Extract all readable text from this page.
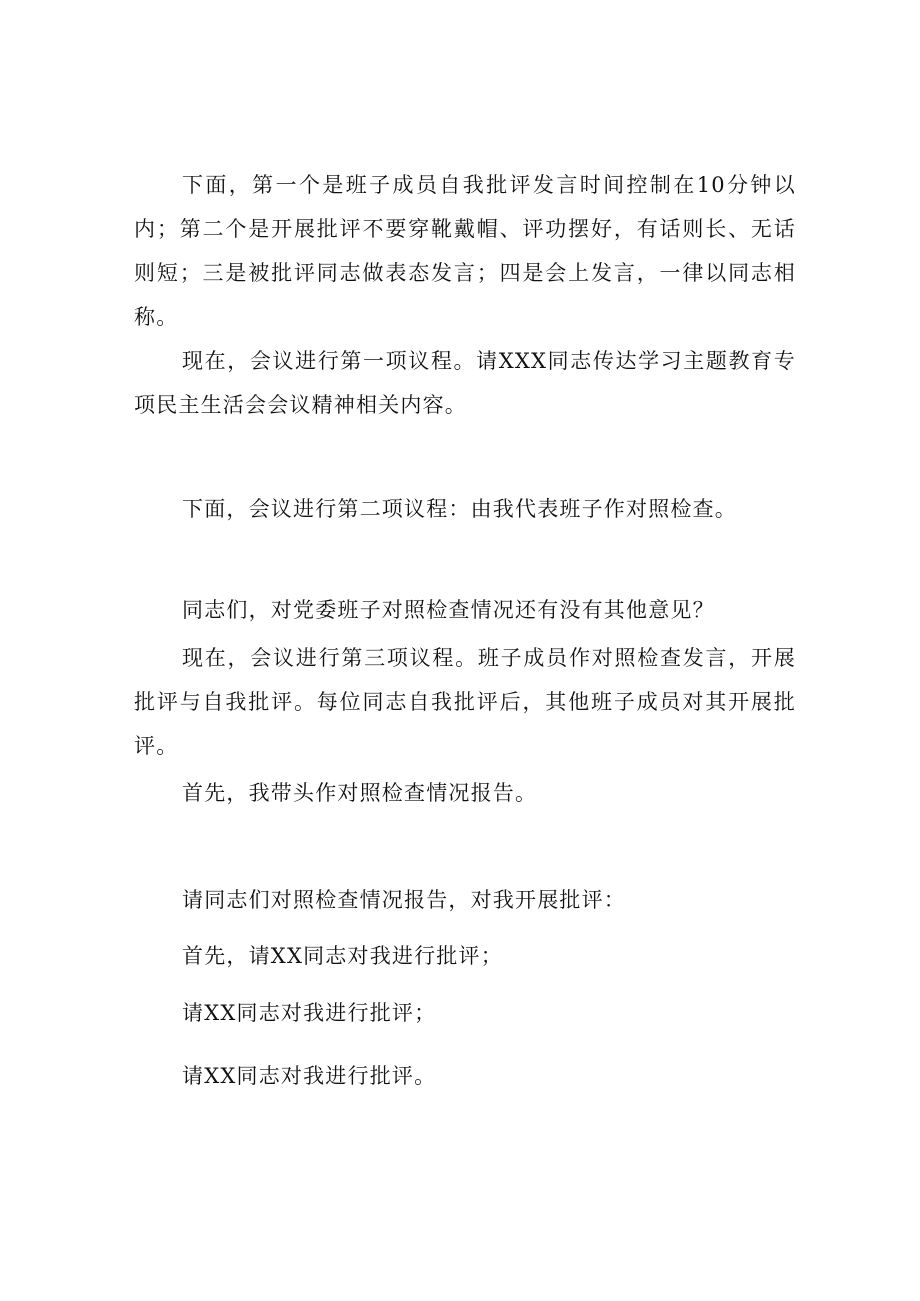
下面，第一个是班子成员自我批评发言时间控制在10分钟以内；第二个是开展批评不要穿靴戴帽、评功摆好，有话则长、无话则短；三是被批评同志做表态发言；四是会上发言，一律以同志相称。

现在，会议进行第一项议程。请XXX同志传达学习主题教育专项民主生活会会议精神相关内容。

下面，会议进行第二项议程：由我代表班子作对照检查。

同志们，对党委班子对照检查情况还有没有其他意见？

现在，会议进行第三项议程。班子成员作对照检查发言，开展批评与自我批评。每位同志自我批评后，其他班子成员对其开展批评。

首先，我带头作对照检查情况报告。

请同志们对照检查情况报告，对我开展批评：

首先，请XX同志对我进行批评；

请XX同志对我进行批评；

请XX同志对我进行批评。
